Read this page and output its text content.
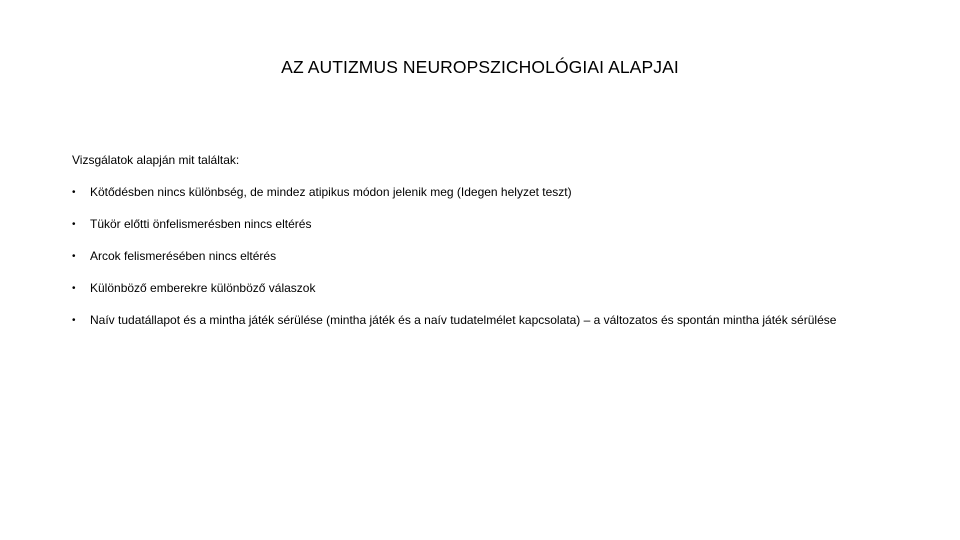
AZ AUTIZMUS NEUROPSZICHOLÓGIAI ALAPJAI
Vizsgálatok alapján mit találtak:
• Kötődésben nincs különbség, de mindez atipikus módon jelenik meg (Idegen helyzet teszt)
• Tükör előtti önfelismerésben nincs eltérés
• Arcok felismerésében nincs eltérés
• Különböző emberekre különböző válaszok
• Naív tudatállapot és a mintha játék sérülése (mintha játék és a naív tudatelmélet kapcsolata) – a változatos és spontán mintha játék sérülése
